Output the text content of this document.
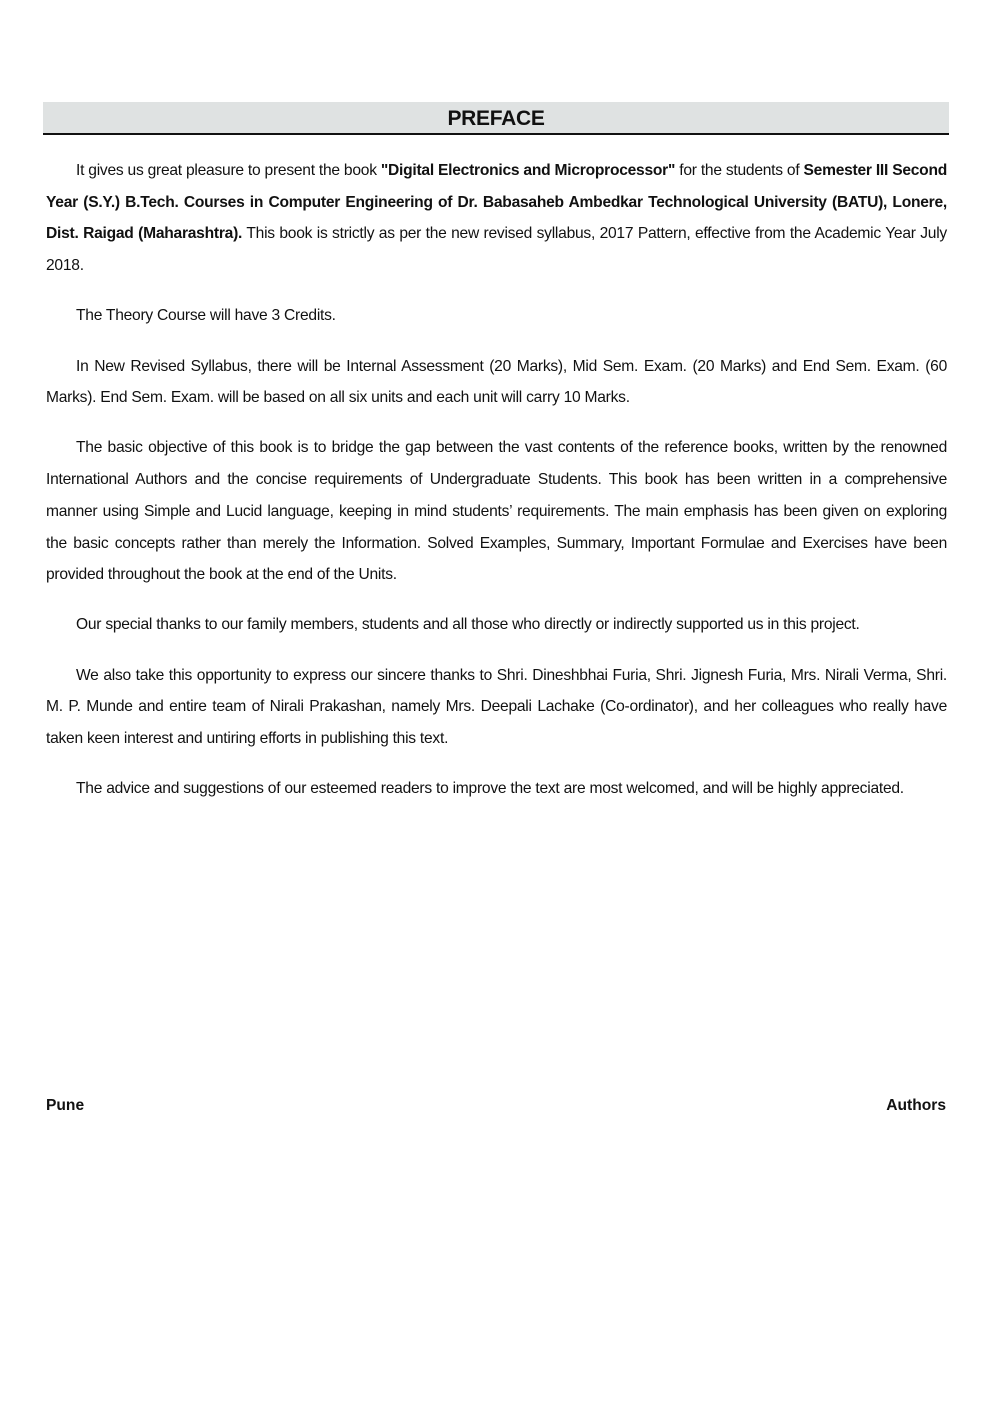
PREFACE

It gives us great pleasure to present the book "Digital Electronics and Microprocessor" for the students of Semester III Second Year (S.Y.) B.Tech. Courses in Computer Engineering of Dr. Babasaheb Ambedkar Technological University (BATU), Lonere, Dist. Raigad (Maharashtra). This book is strictly as per the new revised syllabus, 2017 Pattern, effective from the Academic Year July 2018.

The Theory Course will have 3 Credits.

In New Revised Syllabus, there will be Internal Assessment (20 Marks), Mid Sem. Exam. (20 Marks) and End Sem. Exam. (60 Marks). End Sem. Exam. will be based on all six units and each unit will carry 10 Marks.

The basic objective of this book is to bridge the gap between the vast contents of the reference books, written by the renowned International Authors and the concise requirements of Undergraduate Students. This book has been written in a comprehensive manner using Simple and Lucid language, keeping in mind students’ requirements. The main emphasis has been given on exploring the basic concepts rather than merely the Information. Solved Examples, Summary, Important Formulae and Exercises have been provided throughout the book at the end of the Units.

Our special thanks to our family members, students and all those who directly or indirectly supported us in this project.

We also take this opportunity to express our sincere thanks to Shri. Dineshbhai Furia, Shri. Jignesh Furia, Mrs. Nirali Verma, Shri. M. P. Munde and entire team of Nirali Prakashan, namely Mrs. Deepali Lachake (Co-ordinator), and her colleagues who really have taken keen interest and untiring efforts in publishing this text.

The advice and suggestions of our esteemed readers to improve the text are most welcomed, and will be highly appreciated.

Pune	Authors
